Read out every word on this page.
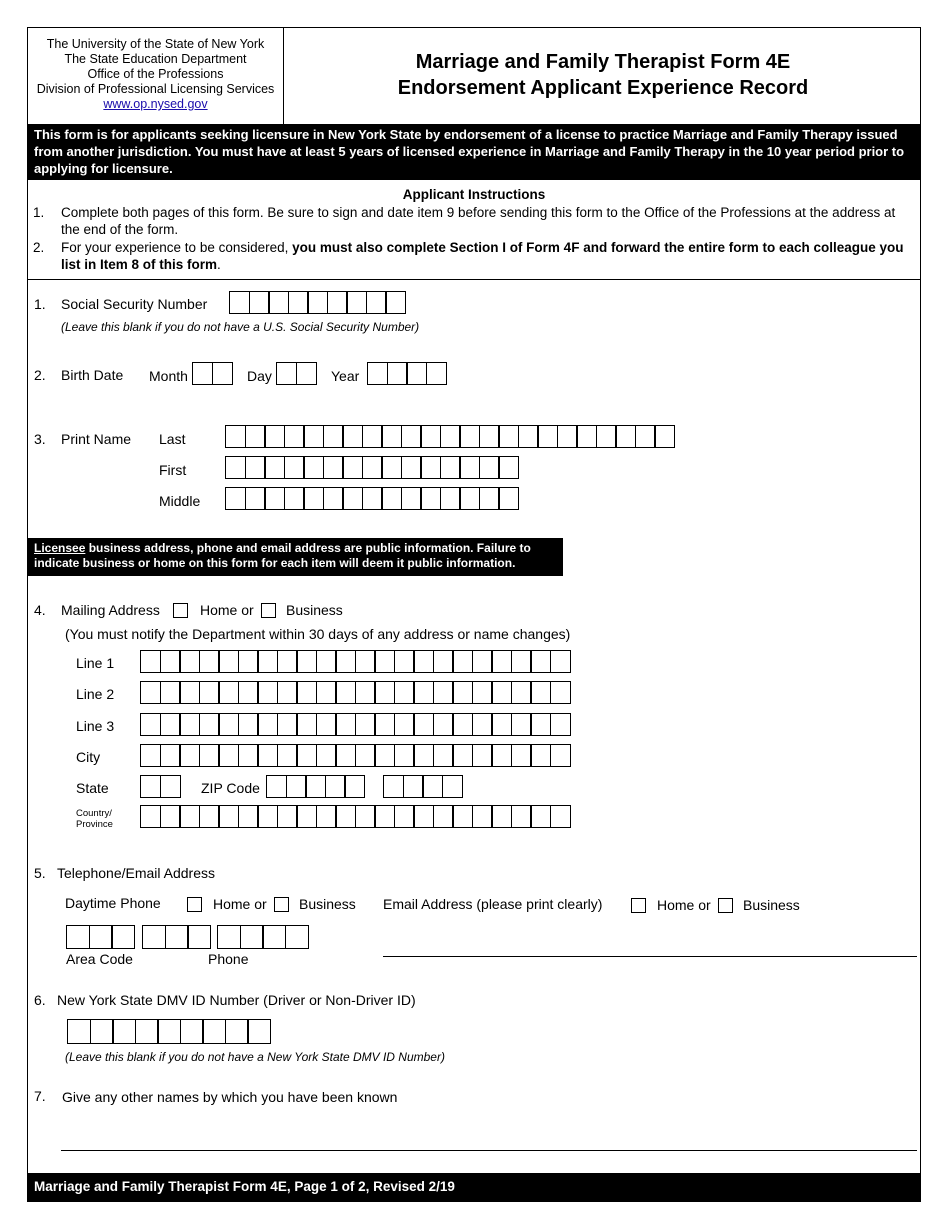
The University of the State of New York
The State Education Department
Office of the Professions
Division of Professional Licensing Services
www.op.nysed.gov
Marriage and Family Therapist Form 4E
Endorsement Applicant Experience Record
This form is for applicants seeking licensure in New York State by endorsement of a license to practice Marriage and Family Therapy issued from another jurisdiction. You must have at least 5 years of licensed experience in Marriage and Family Therapy in the 10 year period prior to applying for licensure.
Applicant Instructions
1. Complete both pages of this form. Be sure to sign and date item 9 before sending this form to the Office of the Professions at the address at the end of the form.
2. For your experience to be considered, you must also complete Section I of Form 4F and forward the entire form to each colleague you list in Item 8 of this form.
1. Social Security Number
(Leave this blank if you do not have a U.S. Social Security Number)
2. Birth Date Month	Day	Year
3. Print Name Last
First
Middle
Licensee business address, phone and email address are public information. Failure to indicate business or home on this form for each item will deem it public information.
4. Mailing Address	Home or Business
(You must notify the Department within 30 days of any address or name changes)
Line 1
Line 2
Line 3
City
State	ZIP Code
Country/
Province
5. Telephone/Email Address
Daytime Phone	Home or Business Email Address (please print clearly)	Home or Business
Area Code	Phone
6. New York State DMV ID Number (Driver or Non-Driver ID)
(Leave this blank if you do not have a New York State DMV ID Number)
7. Give any other names by which you have been known
Marriage and Family Therapist Form 4E, Page 1 of 2, Revised 2/19
